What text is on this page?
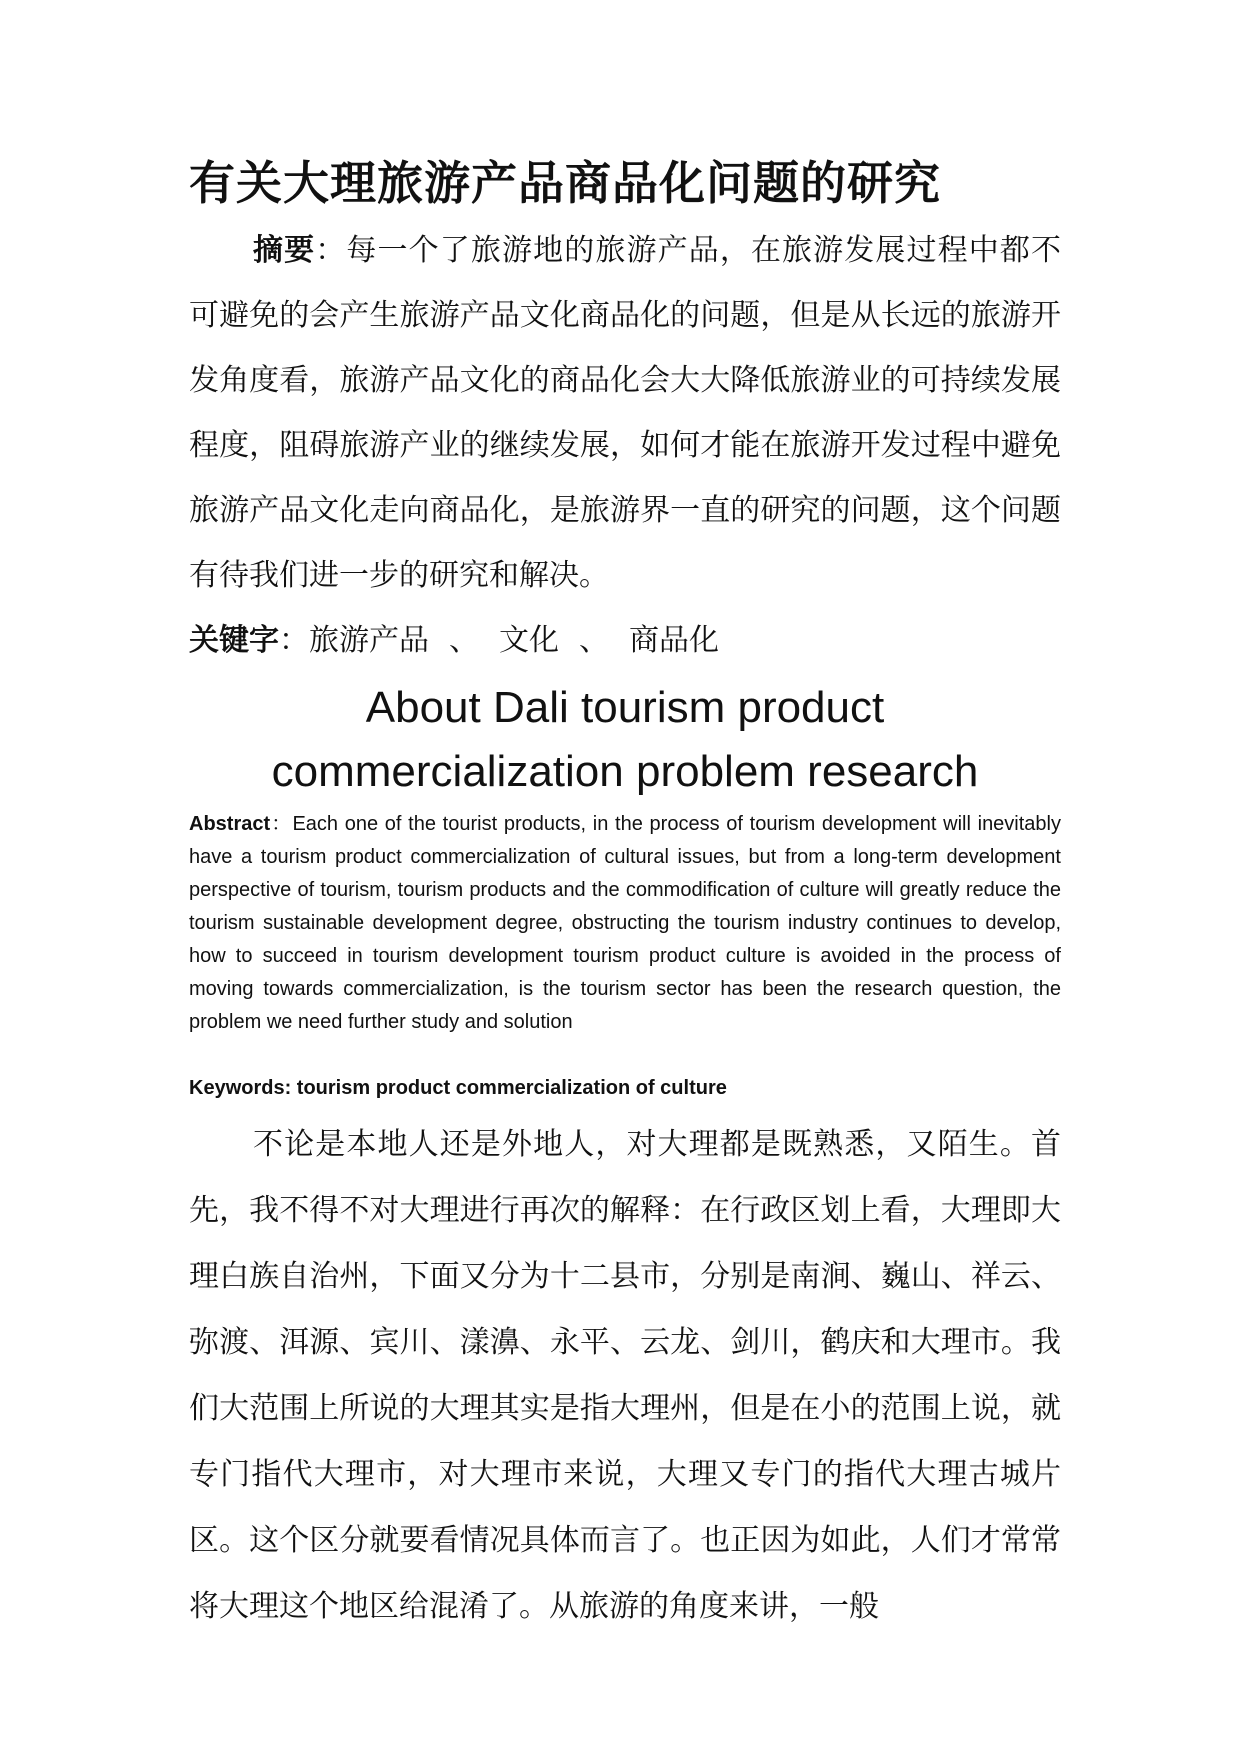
有关大理旅游产品商品化问题的研究

摘要：每一个了旅游地的旅游产品，在旅游发展过程中都不可避免的会产生旅游产品文化商品化的问题，但是从长远的旅游开发角度看，旅游产品文化的商品化会大大降低旅游业的可持续发展程度，阻碍旅游产业的继续发展，如何才能在旅游开发过程中避免旅游产品文化走向商品化，是旅游界一直的研究的问题，这个问题有待我们进一步的研究和解决。

关键字：旅游产品 、 文化 、 商品化

About Dali tourism product
commercialization problem research

Abstract：Each one of the tourist products, in the process of tourism development will inevitably have a tourism product commercialization of cultural issues, but from a long-term development perspective of tourism, tourism products and the commodification of culture will greatly reduce the tourism sustainable development degree, obstructing the tourism industry continues to develop, how to succeed in tourism development tourism product culture is avoided in the process of moving towards commercialization, is the tourism sector has been the research question, the problem we need further study and solution

Keywords: tourism product commercialization of culture

不论是本地人还是外地人，对大理都是既熟悉，又陌生。首先，我不得不对大理进行再次的解释：在行政区划上看，大理即大理白族自治州，下面又分为十二县市，分别是南涧、巍山、祥云、弥渡、洱源、宾川、漾濞、永平、云龙、剑川，鹤庆和大理市。我们大范围上所说的大理其实是指大理州，但是在小的范围上说，就专门指代大理市，对大理市来说，大理又专门的指代大理古城片区。这个区分就要看情况具体而言了。也正因为如此，人们才常常将大理这个地区给混淆了。从旅游的角度来讲，一般
